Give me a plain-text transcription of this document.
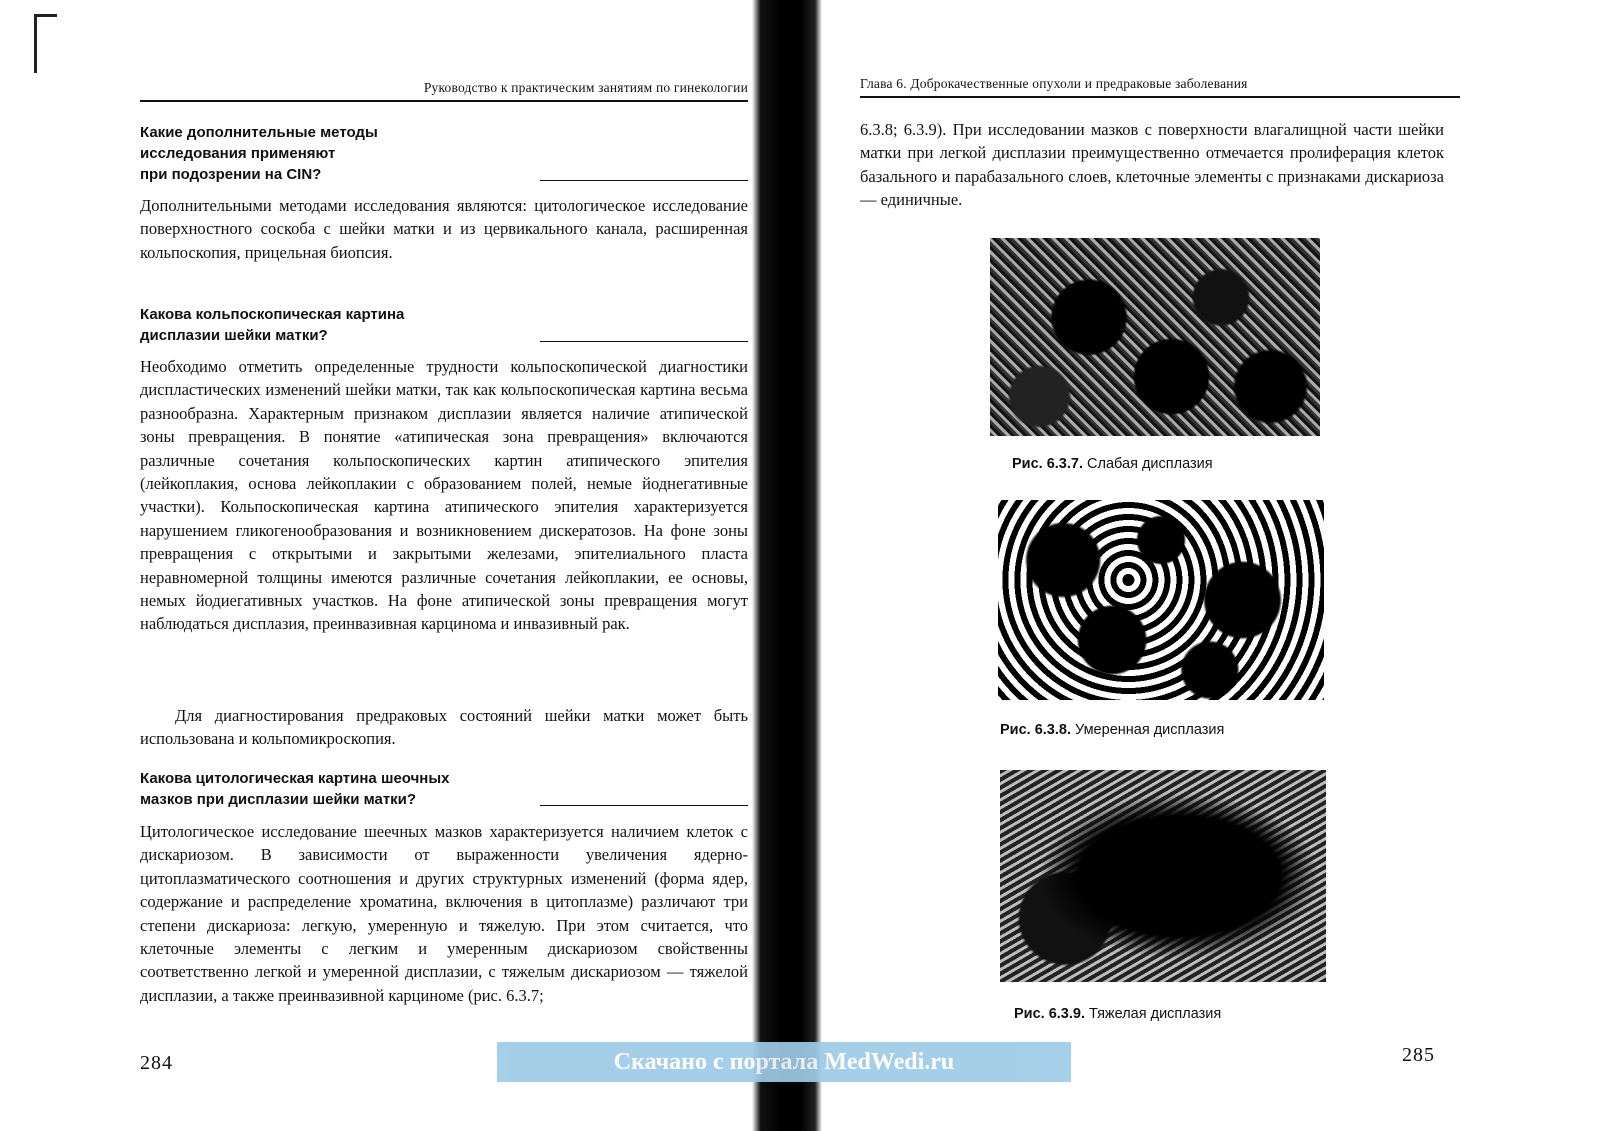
Руководство к практическим занятиям по гинекологии
Какие дополнительные методы
исследования применяют
при подозрении на CIN?

Дополнительными методами исследования являются: цитологическое исследование поверхностного соскоба с шейки матки и из цервикального канала, расширенная кольпоскопия, прицельная биопсия.

Какова кольпоскопическая картина
дисплазии шейки матки?

Необходимо отметить определенные трудности кольпоскопической диагностики диспластических изменений шейки матки, так как кольпоскопическая картина весьма разнообразна. Характерным признаком дисплазии является наличие атипической зоны превращения. В понятие «атипическая зона превращения» включаются различные сочетания кольпоскопических картин атипического эпителия (лейкоплакия, основа лейкоплакии с образованием полей, немые йоднегативные участки). Кольпоскопическая картина атипического эпителия характеризуется нарушением гликогенообразования и возникновением дискератозов. На фоне зоны превращения с открытыми и закрытыми железами, эпителиального пласта неравномерной толщины имеются различные сочетания лейкоплакии, ее основы, немых йодиегативных участков. На фоне атипической зоны превращения могут наблюдаться дисплазия, преинвазивная карцинома и инвазивный рак.

Для диагностирования предраковых состояний шейки матки может быть использована и кольпомикроскопия.

Какова цитологическая картина шеочных
мазков при дисплазии шейки матки?

Цитологическое исследование шеечных мазков характеризуется наличием клеток с дискариозом. В зависимости от выраженности увеличения ядерно-цитоплазматического соотношения и других структурных изменений (форма ядер, содержание и распределение хроматина, включения в цитоплазме) различают три степени дискариоза: легкую, умеренную и тяжелую. При этом считается, что клеточные элементы с легким и умеренным дискариозом свойственны соответственно легкой и умеренной дисплазии, с тяжелым дискариозом — тяжелой дисплазии, а также преинвазивной карциноме (рис. 6.3.7;

284
Глава 6. Доброкачественные опухоли и предраковые заболевания

6.3.8; 6.3.9). При исследовании мазков с поверхности влагалищной части шейки матки при легкой дисплазии преимущественно отмечается пролиферация клеток базального и парабазального слоев, клеточные элементы с признаками дискариоза — единичные.

Рис. 6.3.7. Слабая дисплазия
Рис. 6.3.8. Умеренная дисплазия
Рис. 6.3.9. Тяжелая дисплазия
285
Скачано с портала MedWedi.ru
